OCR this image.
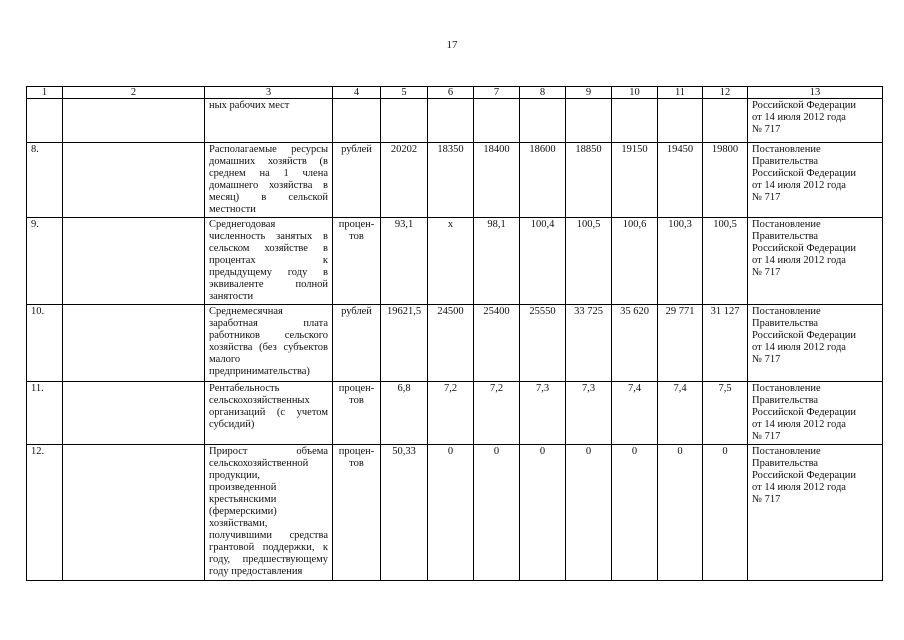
17
1	2	3	4	5	6	7	8	9	10	11	12	13
		ных рабочих мест										Российской Федерации
от 14 июля 2012 года
№ 717

8.		Располагаемые ресурсы домашних хозяйств (в среднем на 1 члена домашнего хозяйства в месяц) в сельской местности	рублей	20202	18350	18400	18600	18850	19150	19450	19800	Постановление
Правительства
Российской Федерации
от 14 июля 2012 года
№ 717

9.		Среднегодовая численность занятых в сельском хозяйстве в процентах к предыдущему году в эквиваленте полной занятости	процен-тов	93,1	х	98,1	100,4	100,5	100,6	100,3	100,5	Постановление
Правительства
Российской Федерации
от 14 июля 2012 года
№ 717

10.		Среднемесячная заработная плата работников сельского хозяйства (без субъектов малого предпринимательства)	рублей	19621,5	24500	25400	25550	33 725	35 620	29 771	31 127	Постановление
Правительства
Российской Федерации
от 14 июля 2012 года
№ 717

11.		Рентабельность сельскохозяйственных организаций (с учетом субсидий)	процен-тов	6,8	7,2	7,2	7,3	7,3	7,4	7,4	7,5	Постановление
Правительства
Российской Федерации
от 14 июля 2012 года
№ 717

12.		Прирост объема сельскохозяйственной продукции, произведенной крестьянскими (фермерскими) хозяйствами, получившими средства грантовой поддержки, к году, предшествующему году предоставления	процен-тов	50,33	0	0	0	0	0	0	0	Постановление
Правительства
Российской Федерации
от 14 июля 2012 года
№ 717
